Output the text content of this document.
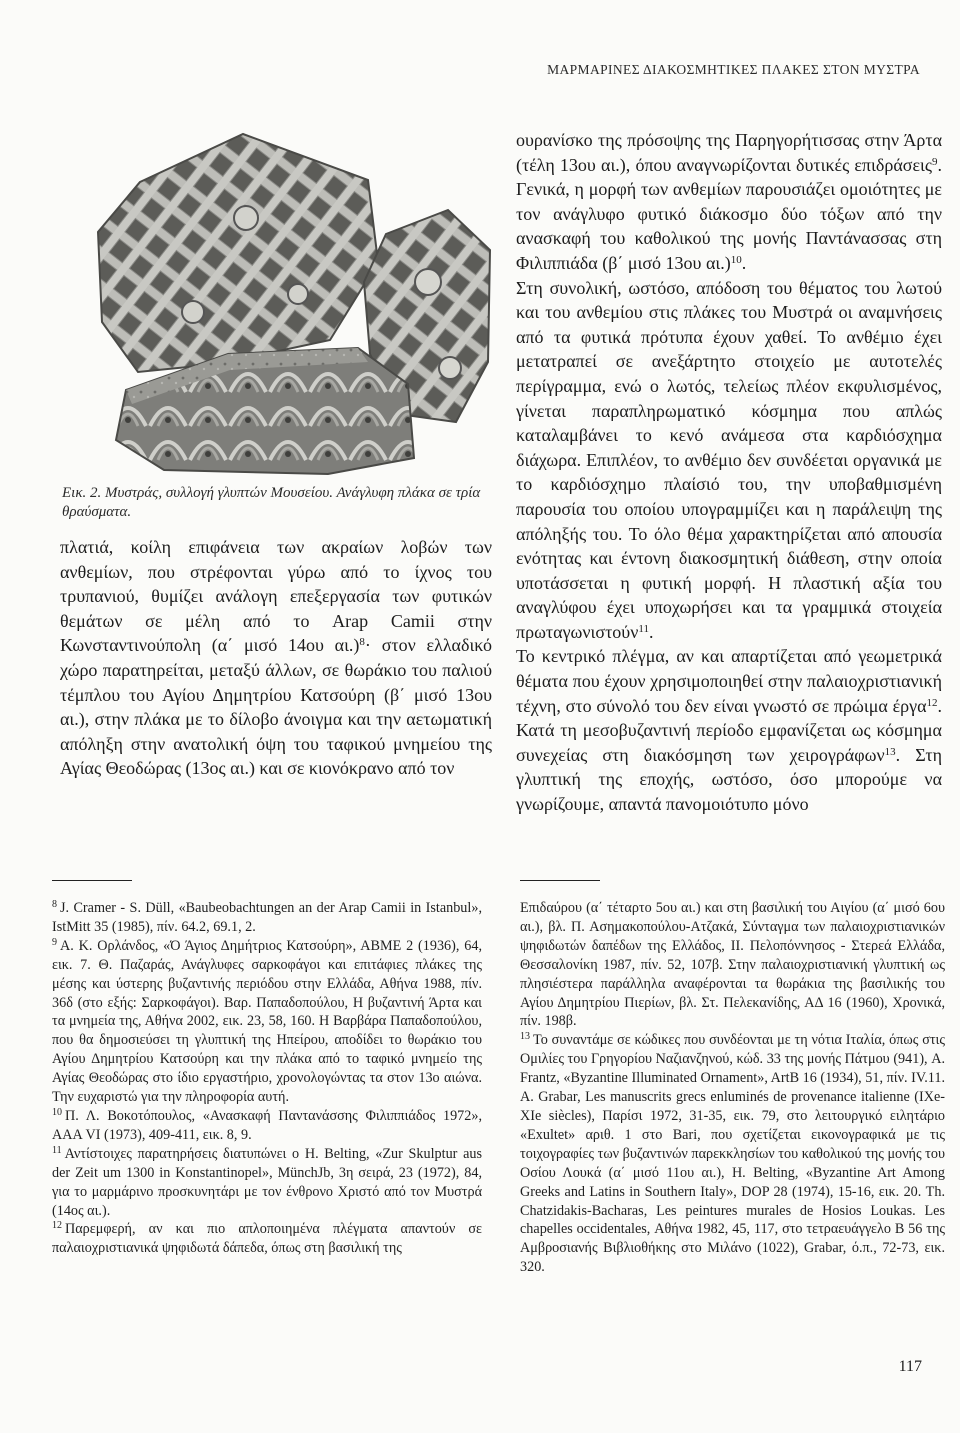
ΜΑΡΜΑΡΙΝΕΣ ΔΙΑΚΟΣΜΗΤΙΚΕΣ ΠΛΑΚΕΣ ΣΤΟΝ ΜΥΣΤΡΑ
Εικ. 2. Μυστράς, συλλογή γλυπτών Μουσείου. Ανάγλυφη πλάκα σε τρία θραύσματα.

πλατιά, κοίλη επιφάνεια των ακραίων λοβών των ανθεμίων, που στρέφονται γύρω από το ίχνος του τρυπανιού, θυμίζει ανάλογη επεξεργασία των φυτικών θεμάτων σε μέλη από το Arap Camii στην Κωνσταντινούπολη (α΄ μισό 14ου αι.)$^8$· στον ελλαδικό χώρο παρατηρείται, μεταξύ άλλων, σε θωράκιο του παλιού τέμπλου του Αγίου Δημητρίου Κατσούρη (β΄ μισό 13ου αι.), στην πλάκα με το δίλοβο άνοιγμα και την αετωματική απόληξη στην ανατολική όψη του ταφικού μνημείου της Αγίας Θεοδώρας (13ος αι.) και σε κιονόκρανο από τον

ουρανίσκο της πρόσοψης της Παρηγορήτισσας στην Άρτα (τέλη 13ου αι.), όπου αναγνωρίζονται δυτικές επιδράσεις$^9$. Γενικά, η μορφή των ανθεμίων παρουσιάζει ομοιότητες με τον ανάγλυφο φυτικό διάκοσμο δύο τόξων από την ανασκαφή του καθολικού της μονής Παντάνασσας στη Φιλιππιάδα (β΄ μισό 13ου αι.)$^{10}$.

Στη συνολική, ωστόσο, απόδοση του θέματος του λωτού και του ανθεμίου στις πλάκες του Μυστρά οι αναμνήσεις από τα φυτικά πρότυπα έχουν χαθεί. Το ανθέμιο έχει μετατραπεί σε ανεξάρτητο στοιχείο με αυτοτελές περίγραμμα, ενώ ο λωτός, τελείως πλέον εκφυλισμένος, γίνεται παραπληρωματικό κόσμημα που απλώς καταλαμβάνει το κενό ανάμεσα στα καρδιόσχημα διάχωρα. Επιπλέον, το ανθέμιο δεν συνδέεται οργανικά με το καρδιόσχημο πλαίσιό του, την υποβαθμισμένη παρουσία του οποίου υπογραμμίζει και η παράλειψη της απόληξής του. Το όλο θέμα χαρακτηρίζεται από απουσία ενότητας και έντονη διακοσμητική διάθεση, στην οποία υποτάσσεται η φυτική μορφή. Η πλαστική αξία του αναγλύφου έχει υποχωρήσει και τα γραμμικά στοιχεία πρωταγωνιστούν$^{11}$.

Το κεντρικό πλέγμα, αν και απαρτίζεται από γεωμετρικά θέματα που έχουν χρησιμοποιηθεί στην παλαιοχριστιανική τέχνη, στο σύνολό του δεν είναι γνωστό σε πρώιμα έργα$^{12}$. Κατά τη μεσοβυζαντινή περίοδο εμφανίζεται ως κόσμημα συνεχείας στη διακόσμηση των χειρογράφων$^{13}$. Στη γλυπτική της εποχής, ωστόσο, όσο μπορούμε να γνωρίζουμε, απαντά πανομοιότυπο μόνο

$^8$ J. Cramer - S. Düll, «Baubeobachtungen an der Arap Camii in Istanbul», IstMitt 35 (1985), πίν. 64.2, 69.1, 2.

$^9$ Α. Κ. Ορλάνδος, «Ό Άγιος Δημήτριος Κατσούρη», ΑΒΜΕ 2 (1936), 64, εικ. 7. Θ. Παζαράς, Ανάγλυφες σαρκοφάγοι και επιτάφιες πλάκες της μέσης και ύστερης βυζαντινής περιόδου στην Ελλάδα, Αθήνα 1988, πίν. 36δ (στο εξής: Σαρκοφάγοι). Βαρ. Παπαδοπούλου, Η βυζαντινή Άρτα και τα μνημεία της, Αθήνα 2002, εικ. 23, 58, 160. Η Βαρβάρα Παπαδοπούλου, που θα δημοσιεύσει τη γλυπτική της Ηπείρου, αποδίδει το θωράκιο του Αγίου Δημητρίου Κατσούρη και την πλάκα από το ταφικό μνημείο της Αγίας Θεοδώρας στο ίδιο εργαστήριο, χρονολογώντας τα στον 13ο αιώνα. Την ευχαριστώ για την πληροφορία αυτή.

$^{10}$ Π. Λ. Βοκοτόπουλος, «Ανασκαφή Παντανάσσης Φιλιππιάδος 1972», ΑΑΑ VI (1973), 409-411, εικ. 8, 9.

$^{11}$ Αντίστοιχες παρατηρήσεις διατυπώνει ο H. Belting, «Zur Skulptur aus der Zeit um 1300 in Konstantinopel», MünchJb, 3η σειρά, 23 (1972), 84, για το μαρμάρινο προσκυνητάρι με τον ένθρονο Χριστό από τον Μυστρά (14ος αι.).

$^{12}$ Παρεμφερή, αν και πιο απλοποιημένα πλέγματα απαντούν σε παλαιοχριστιανικά ψηφιδωτά δάπεδα, όπως στη βασιλική της

Επιδαύρου (α΄ τέταρτο 5ου αι.) και στη βασιλική του Αιγίου (α΄ μισό 6ου αι.), βλ. Π. Ασημακοπούλου-Ατζακά, Σύνταγμα των παλαιοχριστιανικών ψηφιδωτών δαπέδων της Ελλάδος, ΙΙ. Πελοπόννησος - Στερεά Ελλάδα, Θεσσαλονίκη 1987, πίν. 52, 107β. Στην παλαιοχριστιανική γλυπτική ως πλησιέστερα παράλληλα αναφέρονται τα θωράκια της βασιλικής του Αγίου Δημητρίου Πιερίων, βλ. Στ. Πελεκανίδης, ΑΔ 16 (1960), Χρονικά, πίν. 198β.

$^{13}$ Το συναντάμε σε κώδικες που συνδέονται με τη νότια Ιταλία, όπως στις Ομιλίες του Γρηγορίου Ναζιανζηνού, κώδ. 33 της μονής Πάτμου (941), A. Frantz, «Byzantine Illuminated Ornament», ArtB 16 (1934), 51, πίν. IV.11. A. Grabar, Les manuscrits grecs enluminés de provenance italienne (IXe-XIe siècles), Παρίσι 1972, 31-35, εικ. 79, στο λειτουργικό ειλητάριο «Exultet» αριθ. 1 στο Bari, που σχετίζεται εικονογραφικά με τις τοιχογραφίες των βυζαντινών παρεκκλησίων του καθολικού της μονής του Οσίου Λουκά (α΄ μισό 11ου αι.), H. Belting, «Byzantine Art Among Greeks and Latins in Southern Italy», DOP 28 (1974), 15-16, εικ. 20. Th. Chatzidakis-Bacharas, Les peintures murales de Hosios Loukas. Les chapelles occidentales, Αθήνα 1982, 45, 117, στο τετραευάγγελο Β 56 της Αμβροσιανής Βιβλιοθήκης στο Μιλάνο (1022), Grabar, ό.π., 72-73, εικ. 320.

117
